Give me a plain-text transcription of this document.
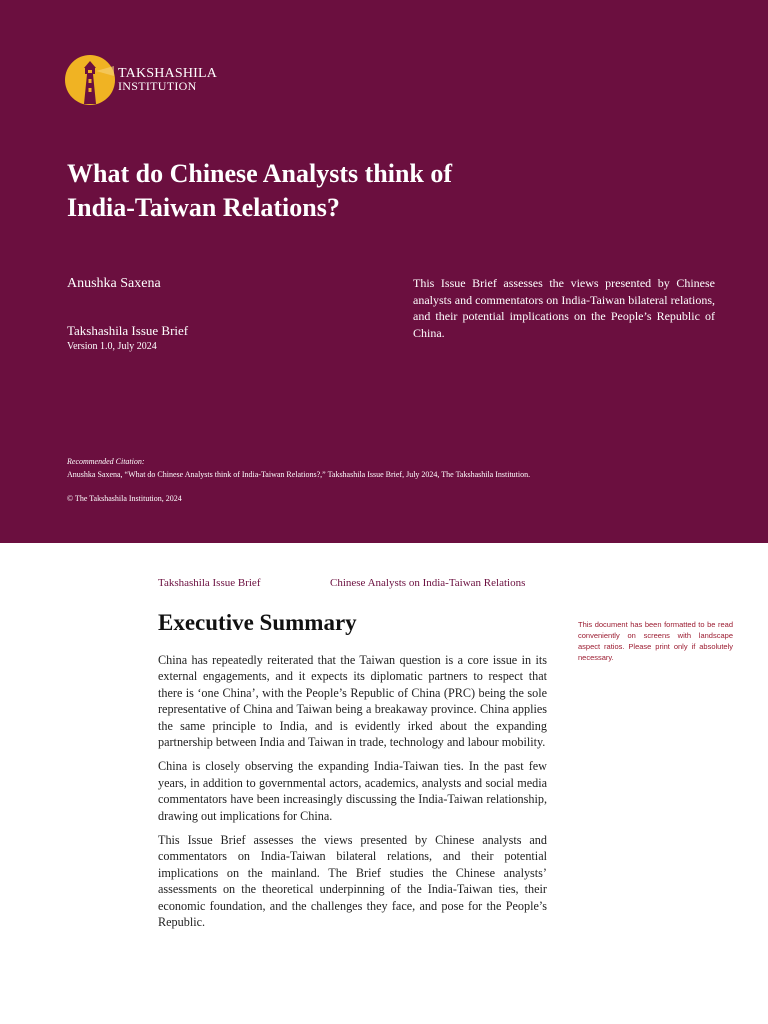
TAKSHASHILA
INSTITUTION
What do Chinese Analysts think of
India-Taiwan Relations?
Anushka Saxena
Takshashila Issue Brief
Version 1.0, July 2024

This Issue Brief assesses the views presented by Chinese analysts and commentators on India-Taiwan bilateral relations, and their potential implications on the People’s Republic of China.

Recommended Citation:
Anushka Saxena, “What do Chinese Analysts think of India-Taiwan Relations?,” Takshashila Issue Brief, July 2024, The Takshashila Institution.
© The Takshashila Institution, 2024
Takshashila Issue Brief	Chinese Analysts on India-Taiwan Relations
Executive Summary

China has repeatedly reiterated that the Taiwan question is a core issue in its external engagements, and it expects its diplomatic partners to respect that there is ‘one China’, with the People’s Republic of China (PRC) being the sole representative of China and Taiwan being a breakaway province. China applies the same principle to India, and is evidently irked about the expanding partnership between India and Taiwan in trade, technology and labour mobility.

China is closely observing the expanding India-Taiwan ties. In the past few years, in addition to governmental actors, academics, analysts and social media commentators have been increasingly discussing the India-Taiwan relationship, drawing out implications for China.

This Issue Brief assesses the views presented by Chinese analysts and commentators on India-Taiwan bilateral relations, and their potential implications on the mainland. The Brief studies the Chinese analysts’ assessments on the theoretical underpinning of the India-Taiwan ties, their economic foundation, and the challenges they face, and pose for the People’s Republic.

This document has been formatted to be read conveniently on screens with landscape aspect ratios. Please print only if absolutely necessary.
